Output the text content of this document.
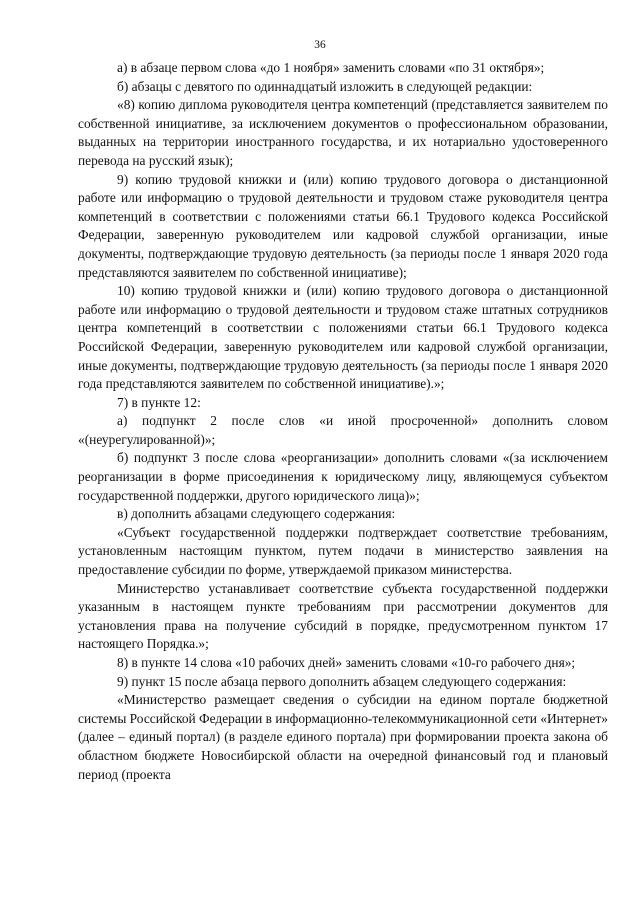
36

а) в абзаце первом слова «до 1 ноября» заменить словами «по 31 октября»;

б) абзацы с девятого по одиннадцатый изложить в следующей редакции:

«8) копию диплома руководителя центра компетенций (представляется заявителем по собственной инициативе, за исключением документов о профессиональном образовании, выданных на территории иностранного государства, и их нотариально удостоверенного перевода на русский язык);

9) копию трудовой книжки и (или) копию трудового договора о дистанционной работе или информацию о трудовой деятельности и трудовом стаже руководителя центра компетенций в соответствии с положениями статьи 66.1 Трудового кодекса Российской Федерации, заверенную руководителем или кадровой службой организации, иные документы, подтверждающие трудовую деятельность (за периоды после 1 января 2020 года представляются заявителем по собственной инициативе);

10) копию трудовой книжки и (или) копию трудового договора о дистанционной работе или информацию о трудовой деятельности и трудовом стаже штатных сотрудников центра компетенций в соответствии с положениями статьи 66.1 Трудового кодекса Российской Федерации, заверенную руководителем или кадровой службой организации, иные документы, подтверждающие трудовую деятельность (за периоды после 1 января 2020 года представляются заявителем по собственной инициативе).»;

7) в пункте 12:

а) подпункт 2 после слов «и иной просроченной» дополнить словом «(неурегулированной)»;

б) подпункт 3 после слова «реорганизации» дополнить словами «(за исключением реорганизации в форме присоединения к юридическому лицу, являющемуся субъектом государственной поддержки, другого юридического лица)»;

в) дополнить абзацами следующего содержания:

«Субъект государственной поддержки подтверждает соответствие требованиям, установленным настоящим пунктом, путем подачи в министерство заявления на предоставление субсидии по форме, утверждаемой приказом министерства.

Министерство устанавливает соответствие субъекта государственной поддержки указанным в настоящем пункте требованиям при рассмотрении документов для установления права на получение субсидий в порядке, предусмотренном пунктом 17 настоящего Порядка.»;

8) в пункте 14 слова «10 рабочих дней» заменить словами «10-го рабочего дня»;

9) пункт 15 после абзаца первого дополнить абзацем следующего содержания:

«Министерство размещает сведения о субсидии на едином портале бюджетной системы Российской Федерации в информационно-телекоммуникационной сети «Интернет» (далее – единый портал) (в разделе единого портала) при формировании проекта закона об областном бюджете Новосибирской области на очередной финансовый год и плановый период (проекта
